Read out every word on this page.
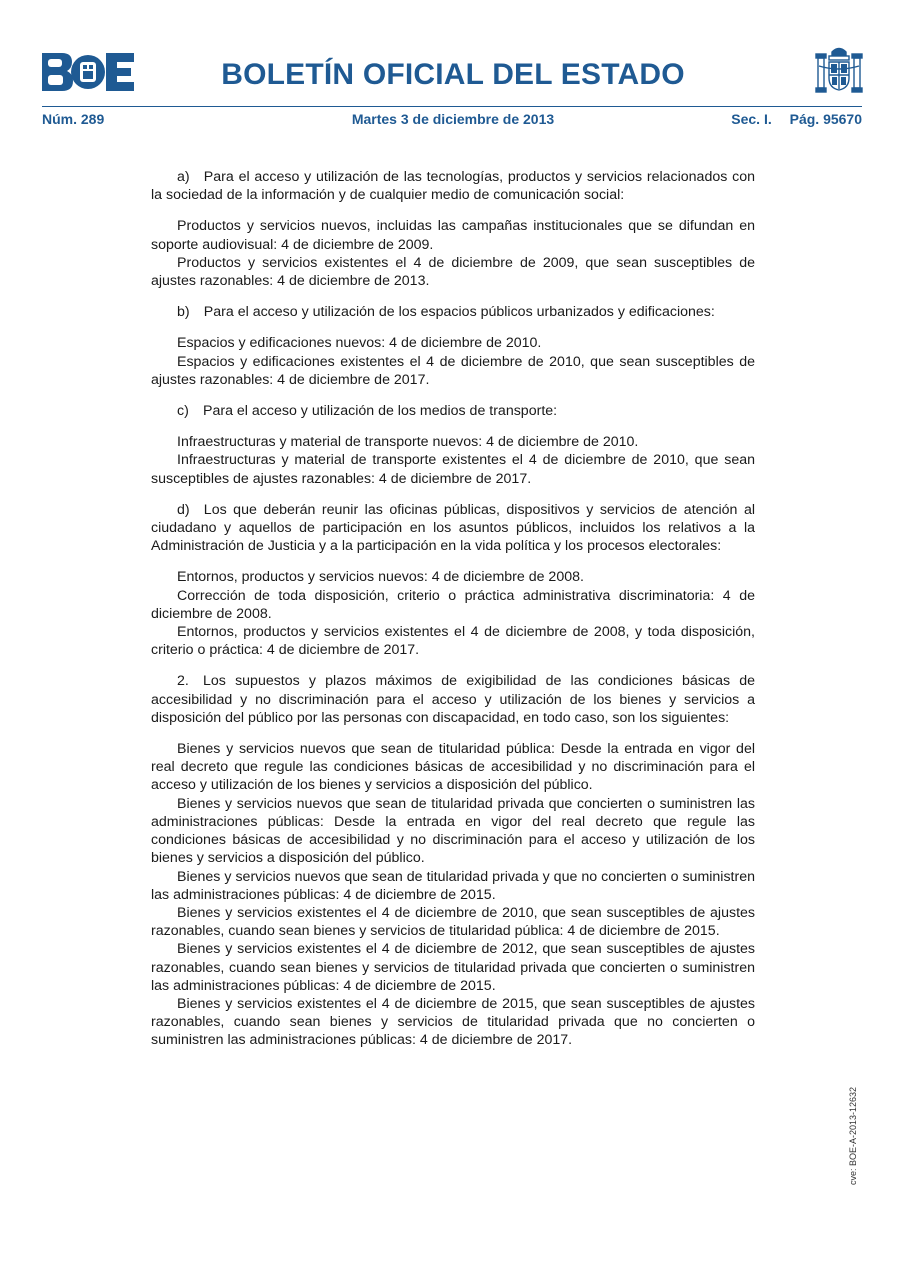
BOLETÍN OFICIAL DEL ESTADO
Núm. 289	Martes 3 de diciembre de 2013	Sec. I. Pág. 95670

a) Para el acceso y utilización de las tecnologías, productos y servicios relacionados con la sociedad de la información y de cualquier medio de comunicación social:

Productos y servicios nuevos, incluidas las campañas institucionales que se difundan en soporte audiovisual: 4 de diciembre de 2009.

Productos y servicios existentes el 4 de diciembre de 2009, que sean susceptibles de ajustes razonables: 4 de diciembre de 2013.

b) Para el acceso y utilización de los espacios públicos urbanizados y edificaciones:

Espacios y edificaciones nuevos: 4 de diciembre de 2010.

Espacios y edificaciones existentes el 4 de diciembre de 2010, que sean susceptibles de ajustes razonables: 4 de diciembre de 2017.

c) Para el acceso y utilización de los medios de transporte:

Infraestructuras y material de transporte nuevos: 4 de diciembre de 2010.

Infraestructuras y material de transporte existentes el 4 de diciembre de 2010, que sean susceptibles de ajustes razonables: 4 de diciembre de 2017.

d) Los que deberán reunir las oficinas públicas, dispositivos y servicios de atención al ciudadano y aquellos de participación en los asuntos públicos, incluidos los relativos a la Administración de Justicia y a la participación en la vida política y los procesos electorales:

Entornos, productos y servicios nuevos: 4 de diciembre de 2008.

Corrección de toda disposición, criterio o práctica administrativa discriminatoria: 4 de diciembre de 2008.

Entornos, productos y servicios existentes el 4 de diciembre de 2008, y toda disposición, criterio o práctica: 4 de diciembre de 2017.

2. Los supuestos y plazos máximos de exigibilidad de las condiciones básicas de accesibilidad y no discriminación para el acceso y utilización de los bienes y servicios a disposición del público por las personas con discapacidad, en todo caso, son los siguientes:

Bienes y servicios nuevos que sean de titularidad pública: Desde la entrada en vigor del real decreto que regule las condiciones básicas de accesibilidad y no discriminación para el acceso y utilización de los bienes y servicios a disposición del público.

Bienes y servicios nuevos que sean de titularidad privada que concierten o suministren las administraciones públicas: Desde la entrada en vigor del real decreto que regule las condiciones básicas de accesibilidad y no discriminación para el acceso y utilización de los bienes y servicios a disposición del público.

Bienes y servicios nuevos que sean de titularidad privada y que no concierten o suministren las administraciones públicas: 4 de diciembre de 2015.

Bienes y servicios existentes el 4 de diciembre de 2010, que sean susceptibles de ajustes razonables, cuando sean bienes y servicios de titularidad pública: 4 de diciembre de 2015.

Bienes y servicios existentes el 4 de diciembre de 2012, que sean susceptibles de ajustes razonables, cuando sean bienes y servicios de titularidad privada que concierten o suministren las administraciones públicas: 4 de diciembre de 2015.

Bienes y servicios existentes el 4 de diciembre de 2015, que sean susceptibles de ajustes razonables, cuando sean bienes y servicios de titularidad privada que no concierten o suministren las administraciones públicas: 4 de diciembre de 2017.

cve: BOE-A-2013-12632
